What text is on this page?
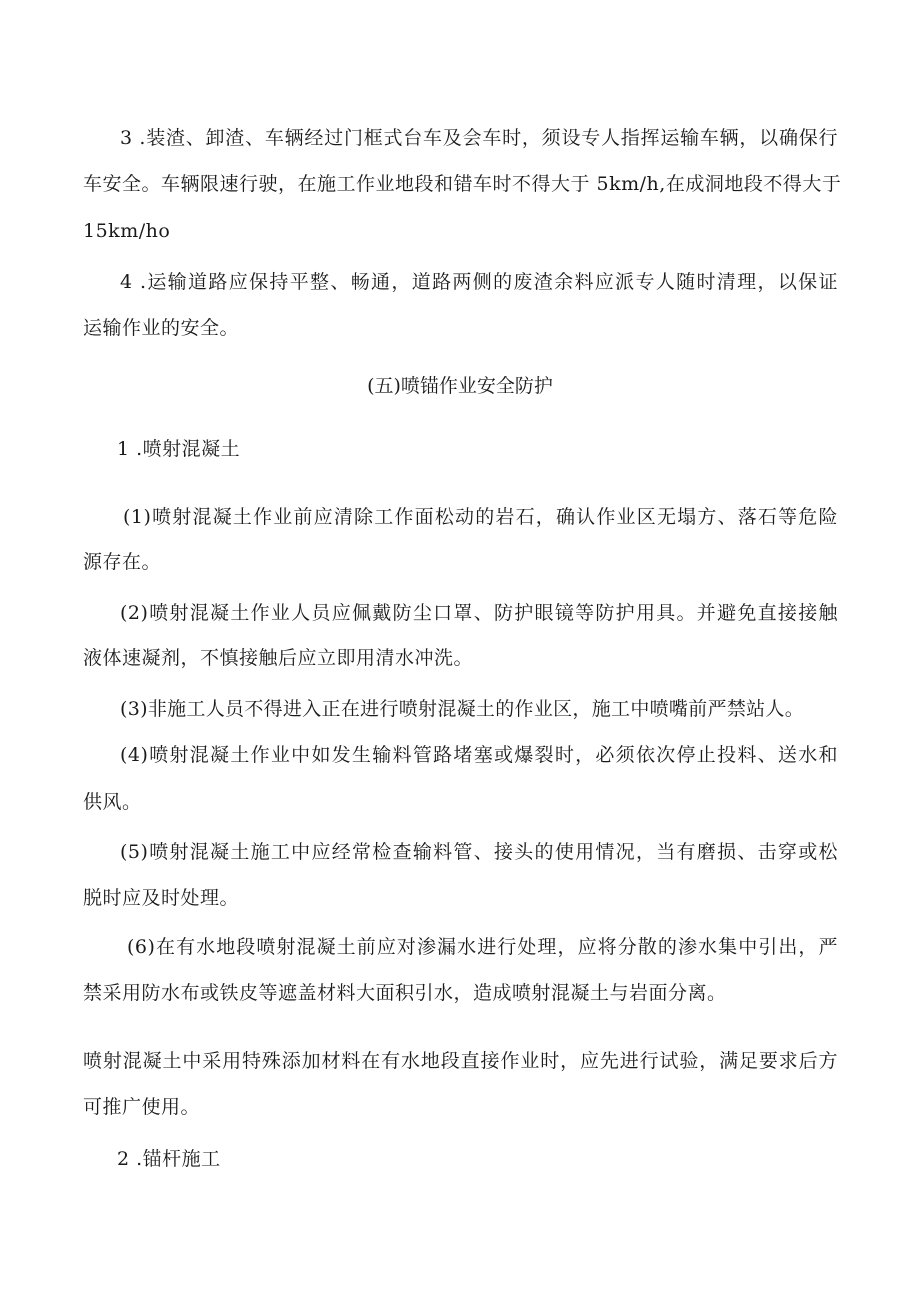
3 .装渣、卸渣、车辆经过门框式台车及会车时，须设专人指挥运输车辆，以确保行
车安全。车辆限速行驶，在施工作业地段和错车时不得大于 5km/h,在成洞地段不得大于
15km/ho
4 .运输道路应保持平整、畅通，道路两侧的废渣余料应派专人随时清理，以保证
运输作业的安全。
(五)喷锚作业安全防护
1 .喷射混凝土
(1)喷射混凝土作业前应清除工作面松动的岩石，确认作业区无塌方、落石等危险
源存在。
(2)喷射混凝土作业人员应佩戴防尘口罩、防护眼镜等防护用具。并避免直接接触
液体速凝剂，不慎接触后应立即用清水冲洗。
(3)非施工人员不得进入正在进行喷射混凝土的作业区，施工中喷嘴前严禁站人。
(4)喷射混凝土作业中如发生输料管路堵塞或爆裂时，必须依次停止投料、送水和
供风。
(5)喷射混凝土施工中应经常检查输料管、接头的使用情况，当有磨损、击穿或松
脱时应及时处理。
(6)在有水地段喷射混凝土前应对渗漏水进行处理，应将分散的渗水集中引出，严
禁采用防水布或铁皮等遮盖材料大面积引水，造成喷射混凝土与岩面分离。
喷射混凝土中采用特殊添加材料在有水地段直接作业时，应先进行试验，满足要求后方
可推广使用。
2 .锚杆施工
